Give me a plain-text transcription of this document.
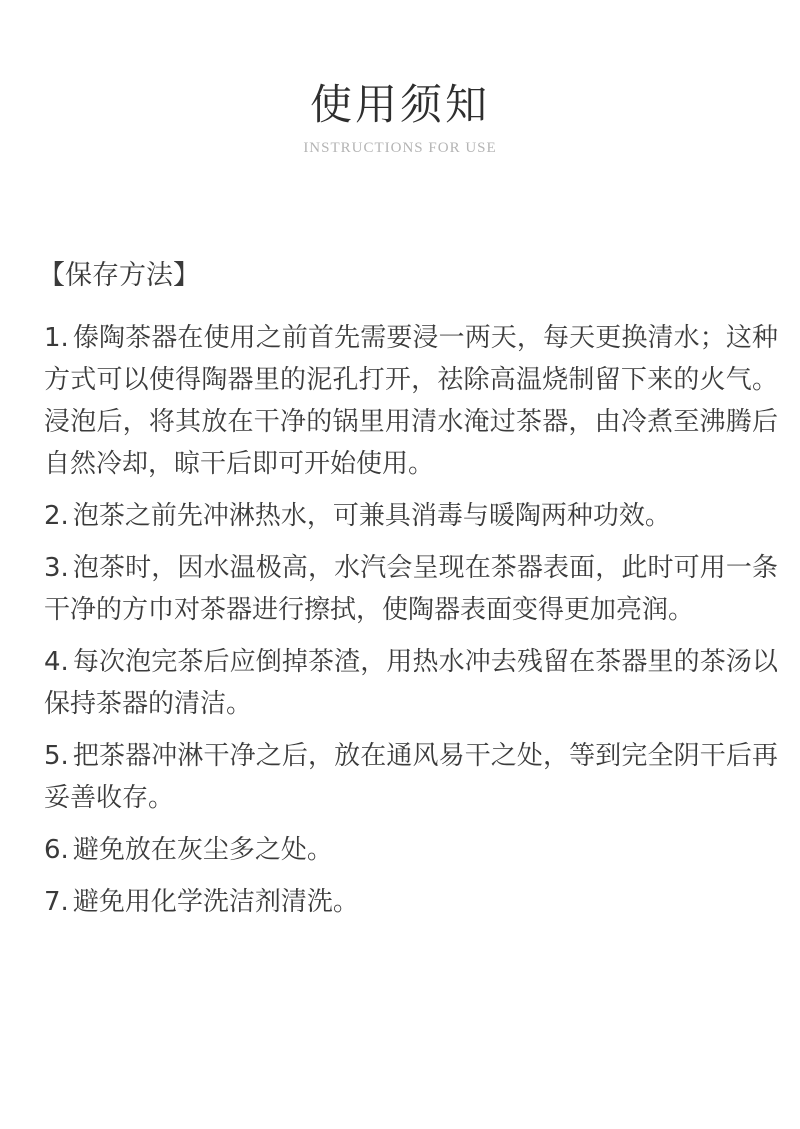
使用须知
INSTRUCTIONS FOR USE
【保存方法】
1. 傣陶茶器在使用之前首先需要浸一两天，每天更换清水；这种方式可以使得陶器里的泥孔打开，祛除高温烧制留下来的火气。浸泡后，将其放在干净的锅里用清水淹过茶器，由冷煮至沸腾后自然冷却，晾干后即可开始使用。
2. 泡茶之前先冲淋热水，可兼具消毒与暖陶两种功效。
3. 泡茶时，因水温极高，水汽会呈现在茶器表面，此时可用一条干净的方巾对茶器进行擦拭，使陶器表面变得更加亮润。
4. 每次泡完茶后应倒掉茶渣，用热水冲去残留在茶器里的茶汤以保持茶器的清洁。
5. 把茶器冲淋干净之后，放在通风易干之处，等到完全阴干后再妥善收存。
6. 避免放在灰尘多之处。
7. 避免用化学洗洁剂清洗。
